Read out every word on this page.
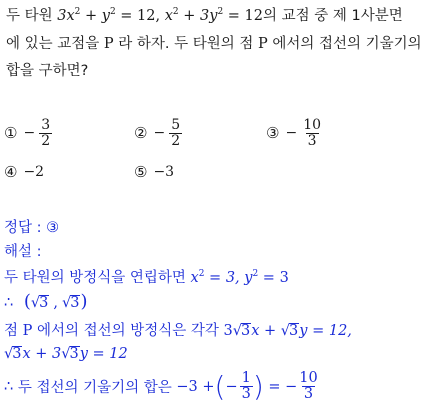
두 타원 $3x^2 + y^2 = 12$, $x^2 + 3y^2 = 12$의 교점 중 제 1사분면
에 있는 교점을 P 라 하자. 두 타원의 점 P 에서의 접선의 기울기의
합을 구하면?
① − $\frac{3}{2}$	② − $\frac{5}{2}$	③ − $\frac{10}{3}$
④ −2	⑤ −3
정답 : ③
해설 :
두 타원의 방정식을 연립하면 $x^2 = 3$, $y^2 = 3$
∴ (√3 , √3)
점 P 에서의 접선의 방정식은 각각 3√3x + √3y = 12,
√3x + 3√3y = 12
∴ 두 접선의 기울기의 합은 −3 + ( − $\frac{1}{3}$ ) = − $\frac{10}{3}$
